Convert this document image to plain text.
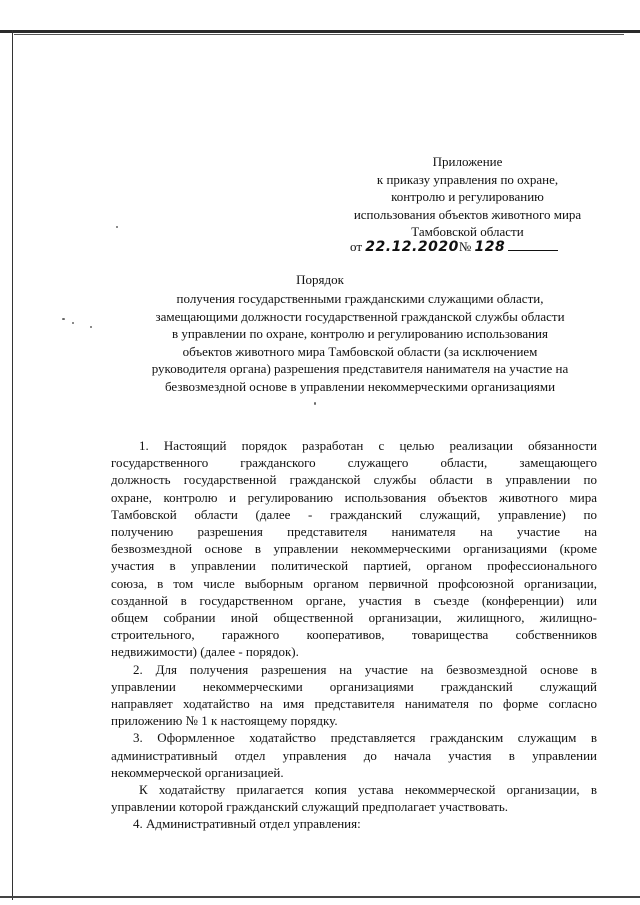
Приложение
к приказу управления по охране,
контролю и регулированию
использования объектов животного мира
Тамбовской области
от 22.12.2020№ 128
Порядок
получения государственными гражданскими служащими области,
замещающими должности государственной гражданской службы области
в управлении по охране, контролю и регулированию использования
объектов животного мира Тамбовской области (за исключением
руководителя органа) разрешения представителя нанимателя на участие на
безвозмездной основе в управлении некоммерческими организациями
1. Настоящий порядок разработан с целью реализации обязанности
государственного гражданского служащего области, замещающего
должность государственной гражданской службы области в управлении по
охране, контролю и регулированию использования объектов животного мира
Тамбовской области (далее - гражданский служащий, управление) по
получению разрешения представителя нанимателя на участие на
безвозмездной основе в управлении некоммерческими организациями (кроме
участия в управлении политической партией, органом профессионального
союза, в том числе выборным органом первичной профсоюзной организации,
созданной в государственном органе, участия в съезде (конференции) или
общем собрании иной общественной организации, жилищного, жилищно-
строительного, гаражного кооперативов, товарищества собственников
недвижимости) (далее - порядок).
2. Для получения разрешения на участие на безвозмездной основе в
управлении некоммерческими организациями гражданский служащий
направляет ходатайство на имя представителя нанимателя по форме согласно
приложению № 1 к настоящему порядку.
3. Оформленное ходатайство представляется гражданским служащим в
административный отдел управления до начала участия в управлении
некоммерческой организацией.
К ходатайству прилагается копия устава некоммерческой организации, в
управлении которой гражданский служащий предполагает участвовать.
4. Административный отдел управления:
